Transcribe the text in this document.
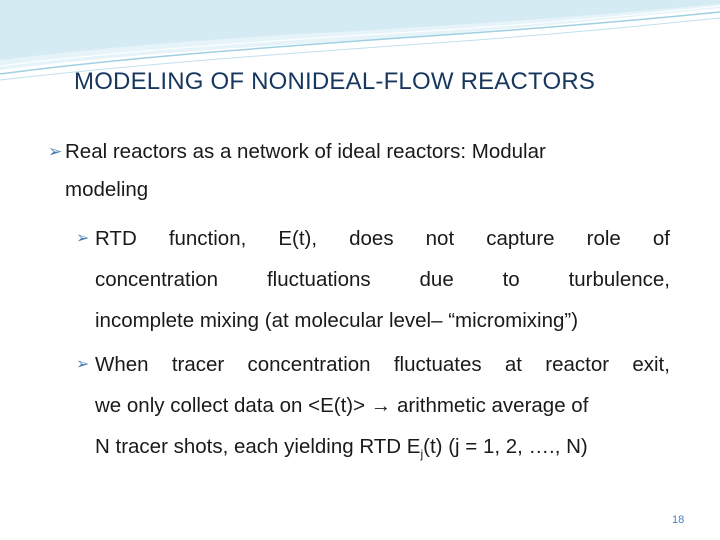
MODELING OF NONIDEAL-FLOW REACTORS
➢ Real reactors as a network of ideal reactors: Modular
modeling
➢ RTD function, E(t), does not capture role of
concentration fluctuations due to turbulence,
incomplete mixing (at molecular level– “micromixing”)
➢ When tracer concentration fluctuates at reactor exit,
we only collect data on <E(t)> → arithmetic average of
N tracer shots, each yielding RTD $E_j(t) (j = 1$, 2, …., N)
18
